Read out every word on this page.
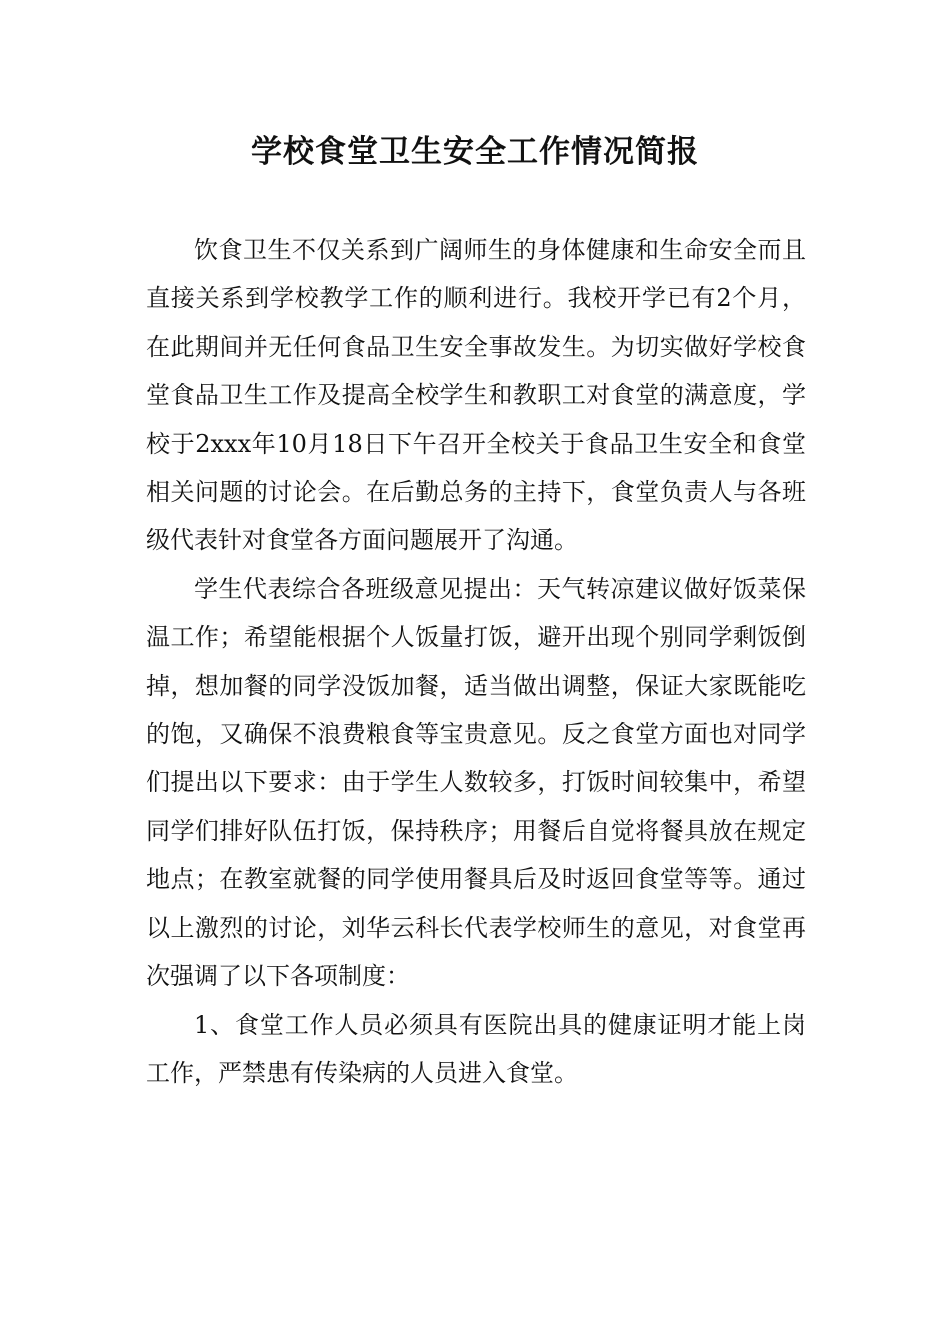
学校食堂卫生安全工作情况简报

饮食卫生不仅关系到广阔师生的身体健康和生命安全而且直接关系到学校教学工作的顺利进行。我校开学已有2个月，在此期间并无任何食品卫生安全事故发生。为切实做好学校食堂食品卫生工作及提高全校学生和教职工对食堂的满意度，学校于2xxx年10月18日下午召开全校关于食品卫生安全和食堂相关问题的讨论会。在后勤总务的主持下，食堂负责人与各班级代表针对食堂各方面问题展开了沟通。

学生代表综合各班级意见提出：天气转凉建议做好饭菜保温工作；希望能根据个人饭量打饭，避开出现个别同学剩饭倒掉，想加餐的同学没饭加餐，适当做出调整，保证大家既能吃的饱，又确保不浪费粮食等宝贵意见。反之食堂方面也对同学们提出以下要求：由于学生人数较多，打饭时间较集中，希望同学们排好队伍打饭，保持秩序；用餐后自觉将餐具放在规定地点；在教室就餐的同学使用餐具后及时返回食堂等等。通过以上激烈的讨论，刘华云科长代表学校师生的意见，对食堂再次强调了以下各项制度：

1、食堂工作人员必须具有医院出具的健康证明才能上岗工作，严禁患有传染病的人员进入食堂。
